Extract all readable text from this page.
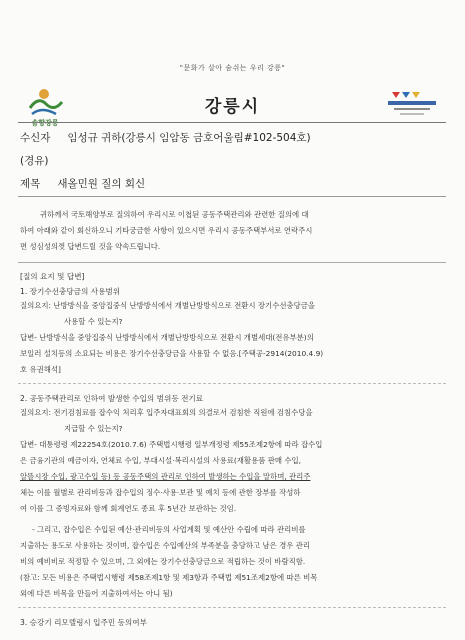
"문화가 살아 숨쉬는 우리 강릉"
솔향강릉
강릉시
수신자 임성규 귀하(강릉시 임암동 금호어울림#102-504호)
(경유)
제목 새올민원 질의 회신
귀하께서 국토해양부로 질의하여 우리시로 이첩된 공동주택관리와 관련한 질의에 대
하여 아래와 같이 회신하오니 기타궁금한 사항이 있으시면 우리시 공동주택부서로 연락주시
면 성심성의껏 답변드릴 것을 약속드립니다.
[질의 요지 및 답변]
1. 장기수선충당금의 사용범위
질의요지: 난방방식을 중앙집중식 난방방식에서 개별난방방식으로 전환시 장기수선충당금을
사용할 수 있는지?
답변- 난방방식을 중앙집중식 난방방식에서 개별난방방식으로 전환시 개별세대(전유부분)의
보일러 설치등의 소요되는 비용은 장기수선충당금을 사용할 수 없음.[주택공-2914(2010.4.9)
호 유권해석]
2. 공동주택관리로 인하여 발생한 수입의 범위등 전기료
질의요지: 전기검침료를 잡수익 처리후 입주자대표회의 의결로서 검침한 직원에 검침수당을
지급할 수 있는지?
답변- 대통령령 제22254호(2010.7.6) 주택법시행령 일부개정령 제55조제2항에 따라 잡수입
은 금융기관의 예금이자, 연체료 수입, 부대시설·복리시설의 사용료(재활용품 판매 수입,
알뜰시장 수입, 광고수입 등) 등 공동주택의 관리로 인하여 발생하는 수입을 말하며, 관리주
체는 이를 월별로 관리비등과 잡수입의 징수·사용·보관 및 예치 등에 관한 장부를 작성하
여 이를 그 증빙자료와 함께 회계연도 종료 후 5년간 보관하는 것임.
- 그리고, 잡수입은 수입된 예산·관리비등의 사업계획 및 예산안 수립에 따라 관리비를
지출하는 용도로 사용하는 것이며, 잡수입은 수입예산의 부족분을 충당하고 남은 경우 관리
비의 예비비로 적정할 수 있으며, 그 외에는 장기수선충당금으로 적립하는 것이 바람직함.
(참고: 모든 비용은 주택법시행령 제58조제1항 및 제3항과 주택법 제51조제2항에 따른 비목
외에 다른 비목을 만들어 지출하여서는 아니 됨)
3. 승강기 리모델링시 입주민 동의여부
